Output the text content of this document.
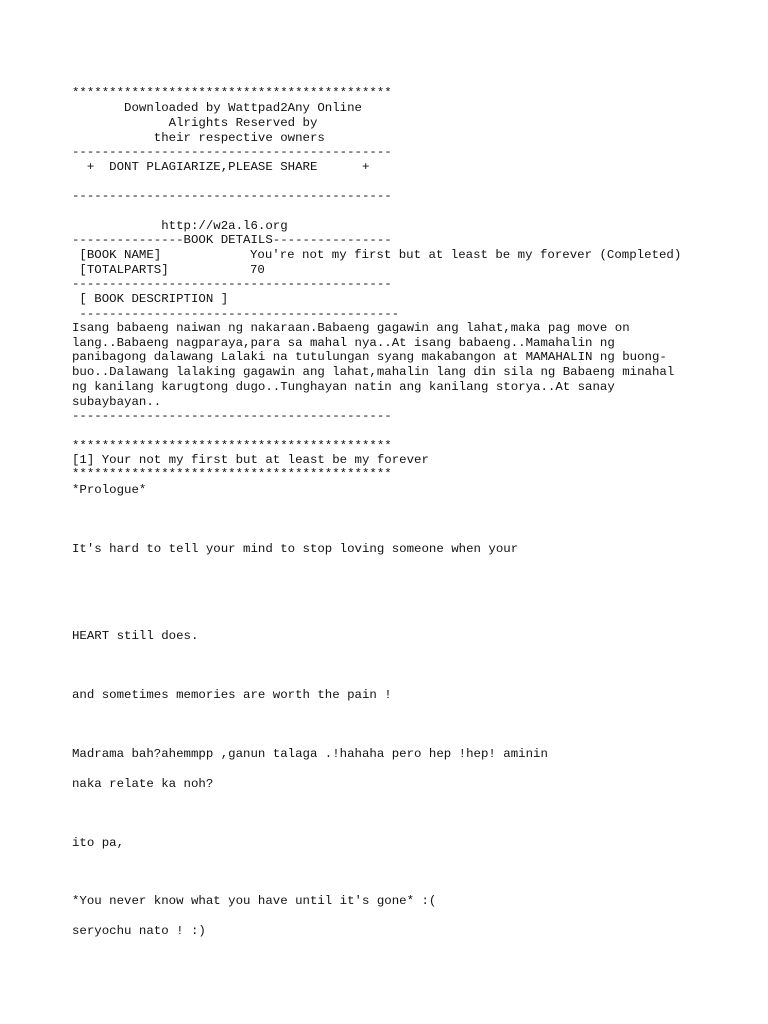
*******************************************
Downloaded by Wattpad2Any Online
Alrights Reserved by
their respective owners
-------------------------------------------
+  DONT PLAGIARIZE,PLEASE SHARE      +
-------------------------------------------
http://w2a.l6.org
---------------BOOK DETAILS----------------
[BOOK NAME]	You're not my first but at least be my forever (Completed)
[TOTALPARTS]	70
-------------------------------------------
[ BOOK DESCRIPTION ]
-------------------------------------------
Isang babaeng naiwan ng nakaraan.Babaeng gagawin ang lahat,maka pag move on lang..Babaeng nagparaya,para sa mahal nya..At isang babaeng..Mamahalin ng panibagong dalawang Lalaki na tutulungan syang makabangon at MAMAHALIN ng buong-buo..Dalawang lalaking gagawin ang lahat,mahalin lang din sila ng Babaeng minahal ng kanilang karugtong dugo..Tunghayan natin ang kanilang storya..At sanay subaybayan..
-------------------------------------------
*******************************************
[1] Your not my first but at least be my forever
*******************************************
*Prologue*
It's hard to tell your mind to stop loving someone when your
HEART still does.
and sometimes memories are worth the pain !
Madrama bah?ahemmpp ,ganun talaga .!hahaha pero hep !hep! aminin
naka relate ka noh?
ito pa,
*You never know what you have until it's gone* :(
seryochu nato ! :)
